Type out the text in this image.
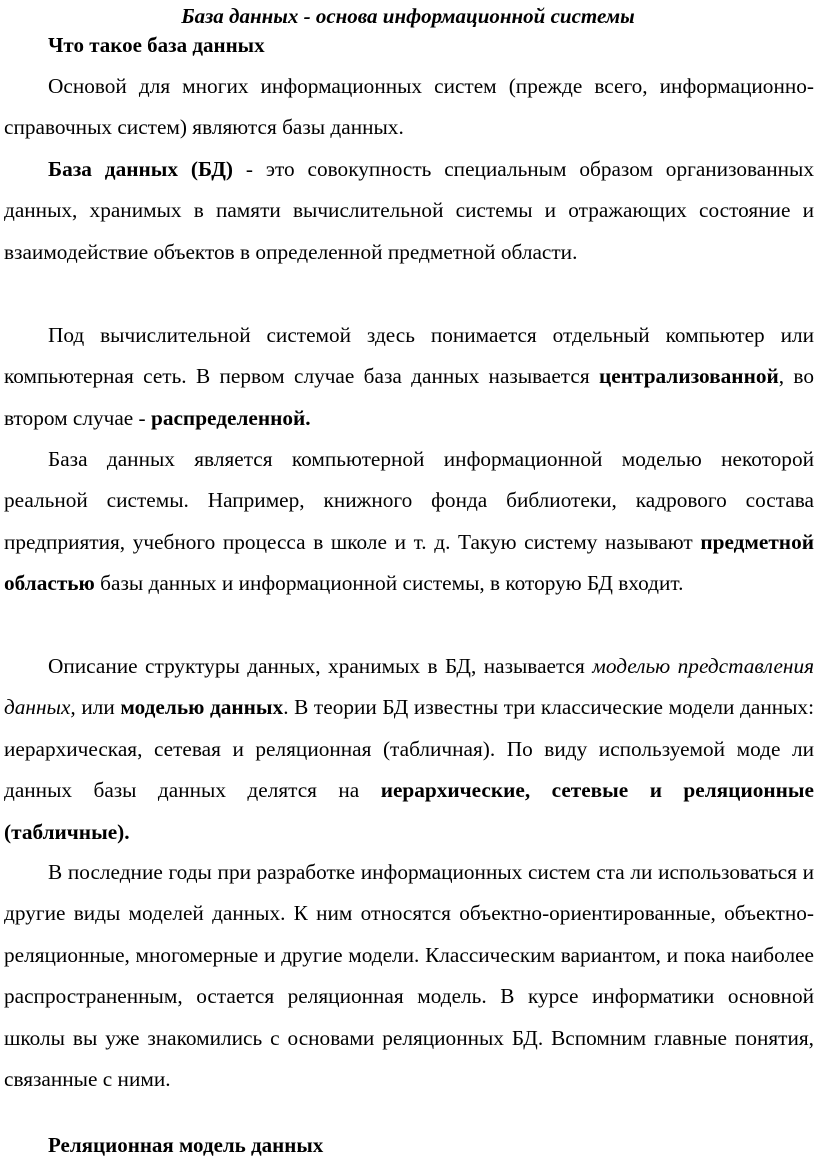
База данных - основа информационной системы
Что такое база данных

Основой для многих информационных систем (прежде всего, информационно-справочных систем) являются базы данных.

База данных (БД) - это совокупность специальным образом организованных данных, хранимых в памяти вычислительной системы и отражающих состояние и взаимодействие объектов в определенной предметной области.

Под вычислительной системой здесь понимается отдельный компьютер или компьютерная сеть. В первом случае база данных называется централизованной, во втором случае - распределенной.

База данных является компьютерной информационной моделью некоторой реальной системы. Например, книжного фонда библиотеки, кадрового состава предприятия, учебного процесса в школе и т. д. Такую систему называют предметной областью базы данных и информационной системы, в которую БД входит.

Описание структуры данных, хранимых в БД, называется моделью представления данных, или моделью данных. В теории БД известны три классические модели данных: иерархическая, сетевая и реляционная (табличная). По виду используемой моде ли данных базы данных делятся на иерархические, сетевые и реляционные (табличные).

В последние годы при разработке информационных систем ста ли использоваться и другие виды моделей данных. К ним относятся объектно-ориентированные, объектно-реляционные, многомерные и другие модели. Классическим вариантом, и пока наиболее распространенным, остается реляционная модель. В курсе информатики основной школы вы уже знакомились с основами реляционных БД. Вспомним главные понятия, связанные с ними.

Реляционная модель данных
